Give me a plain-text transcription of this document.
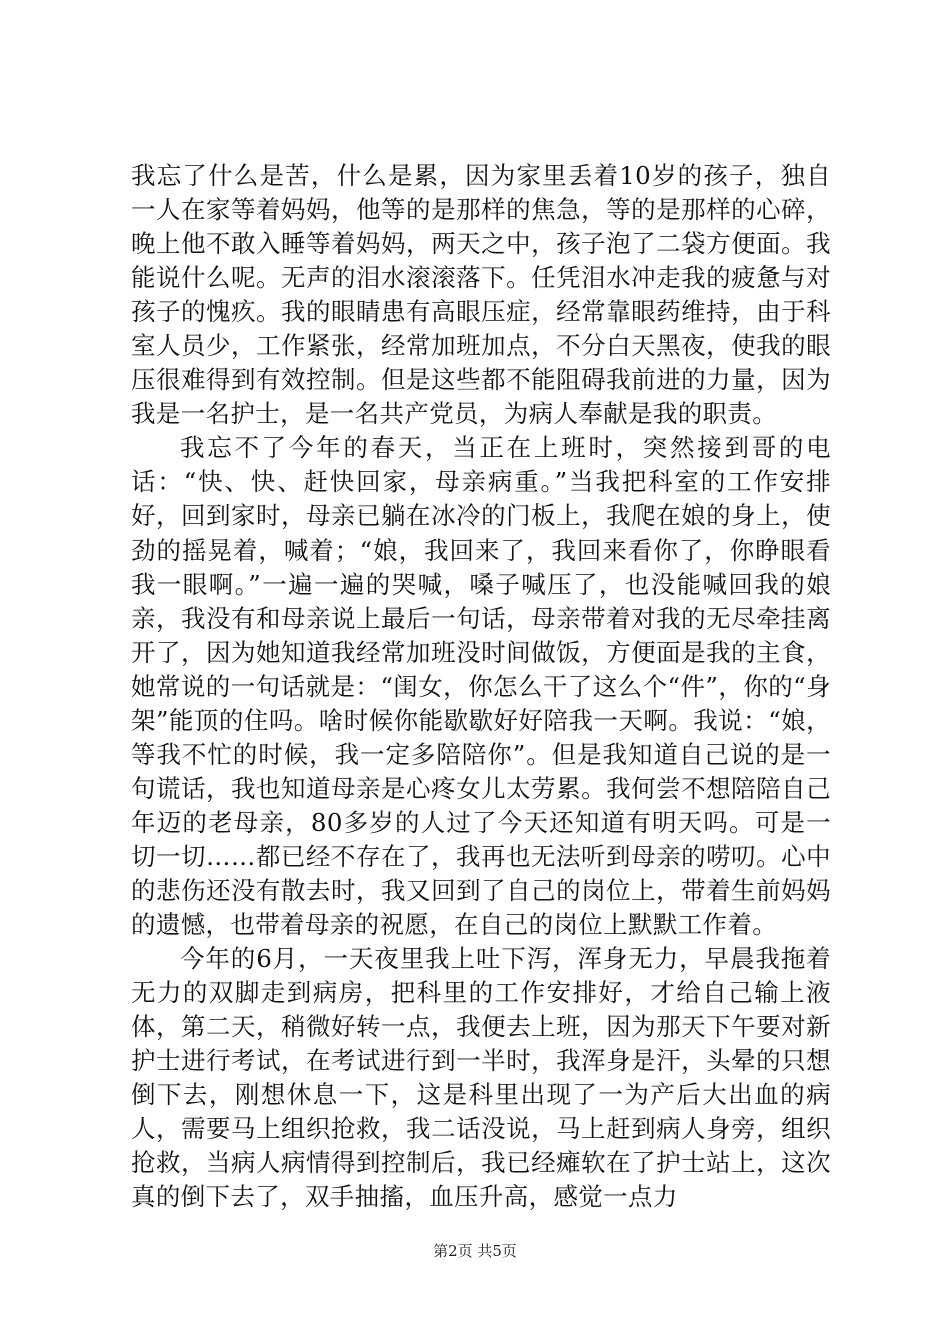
我忘了什么是苦，什么是累，因为家里丢着10岁的孩子，独自一人在家等着妈妈，他等的是那样的焦急，等的是那样的心碎，晚上他不敢入睡等着妈妈，两天之中，孩子泡了二袋方便面。我能说什么呢。无声的泪水滚滚落下。任凭泪水冲走我的疲惫与对孩子的愧疚。我的眼睛患有高眼压症，经常靠眼药维持，由于科室人员少，工作紧张，经常加班加点，不分白天黑夜，使我的眼压很难得到有效控制。但是这些都不能阻碍我前进的力量，因为我是一名护士，是一名共产党员，为病人奉献是我的职责。

我忘不了今年的春天，当正在上班时，突然接到哥的电话：“快、快、赶快回家，母亲病重。”当我把科室的工作安排好，回到家时，母亲已躺在冰冷的门板上，我爬在娘的身上，使劲的摇晃着，喊着；“娘，我回来了，我回来看你了，你睁眼看我一眼啊。”一遍一遍的哭喊，嗓子喊压了，也没能喊回我的娘亲，我没有和母亲说上最后一句话，母亲带着对我的无尽牵挂离开了，因为她知道我经常加班没时间做饭，方便面是我的主食，她常说的一句话就是：“闺女，你怎么干了这么个“件”，你的“身架”能顶的住吗。啥时候你能歇歇好好陪我一天啊。我说：“娘，等我不忙的时候，我一定多陪陪你”。但是我知道自己说的是一句谎话，我也知道母亲是心疼女儿太劳累。我何尝不想陪陪自己年迈的老母亲，80多岁的人过了今天还知道有明天吗。可是一切一切……都已经不存在了，我再也无法听到母亲的唠叨。心中的悲伤还没有散去时，我又回到了自己的岗位上，带着生前妈妈的遗憾，也带着母亲的祝愿，在自己的岗位上默默工作着。

今年的6月，一天夜里我上吐下泻，浑身无力，早晨我拖着无力的双脚走到病房，把科里的工作安排好，才给自己输上液体，第二天，稍微好转一点，我便去上班，因为那天下午要对新护士进行考试，在考试进行到一半时，我浑身是汗，头晕的只想倒下去，刚想休息一下，这是科里出现了一为产后大出血的病人，需要马上组织抢救，我二话没说，马上赶到病人身旁，组织抢救，当病人病情得到控制后，我已经瘫软在了护士站上，这次真的倒下去了，双手抽搐，血压升高，感觉一点力

第2页 共5页
